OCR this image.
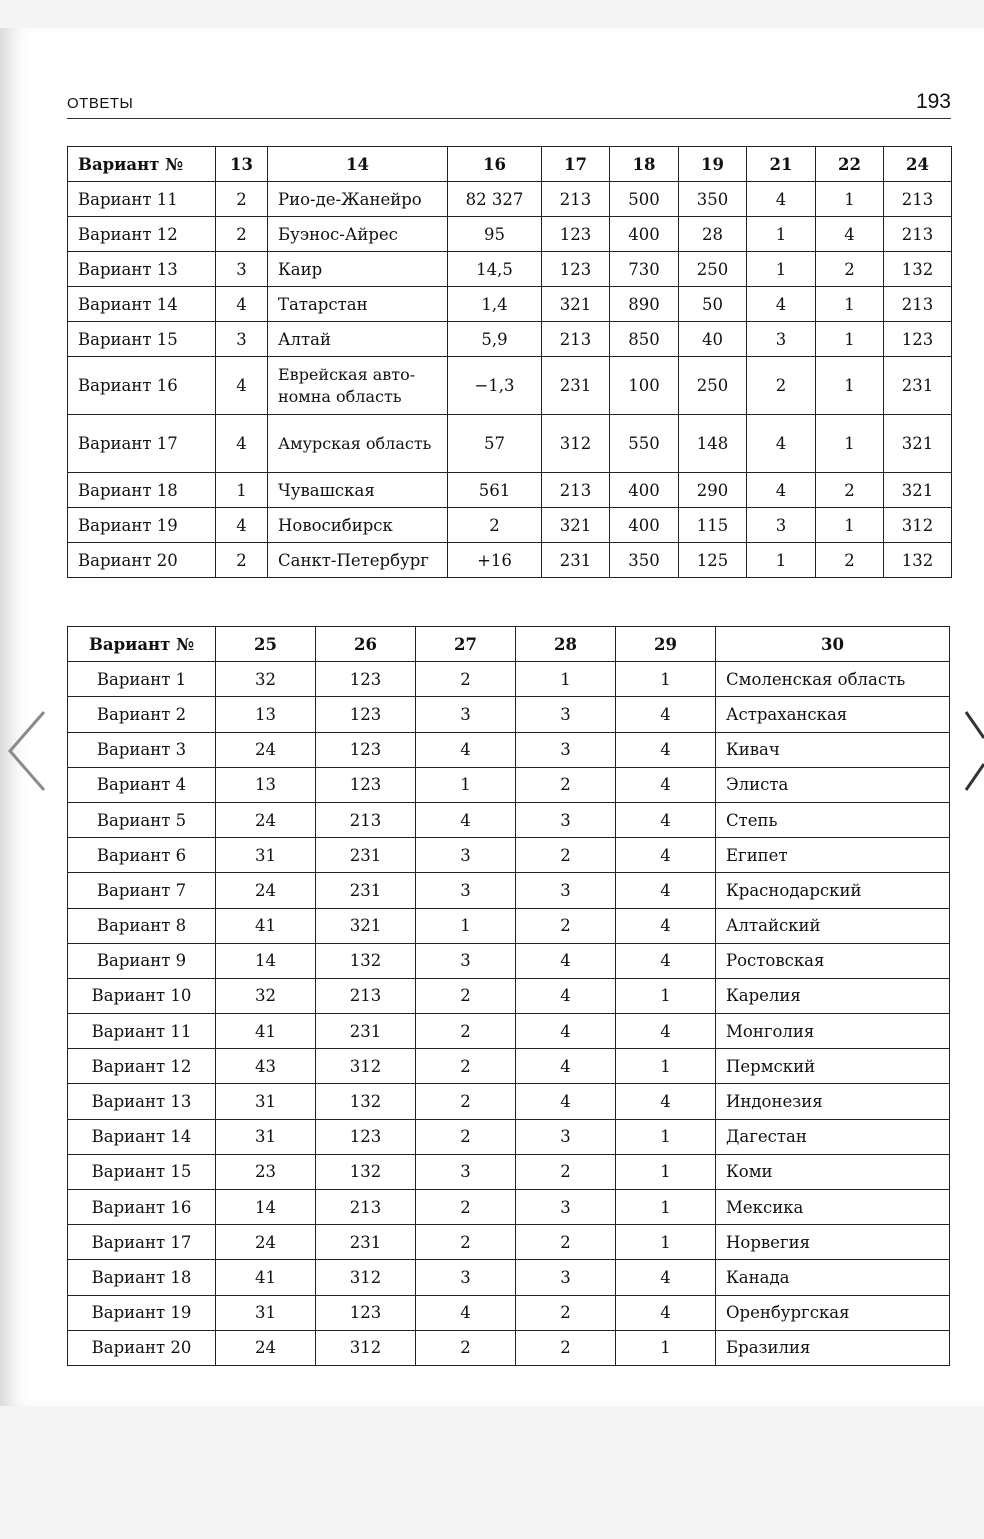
ОТВЕТЫ	193
Вариант №	13	14	16	17	18	19	21	22	24
Вариант 11	2	Рио-де-Жанейро	82 327	213	500	350	4	1	213
Вариант 12	2	Буэнос-Айрес	95	123	400	28	1	4	213
Вариант 13	3	Каир	14,5	123	730	250	1	2	132
Вариант 14	4	Татарстан	1,4	321	890	50	4	1	213
Вариант 15	3	Алтай	5,9	213	850	40	3	1	123
Вариант 16	4	Еврейская авто-номна область	−1,3	231	100	250	2	1	231
Вариант 17	4	Амурская область	57	312	550	148	4	1	321
Вариант 18	1	Чувашская	561	213	400	290	4	2	321
Вариант 19	4	Новосибирск	2	321	400	115	3	1	312
Вариант 20	2	Санкт-Петербург	+16	231	350	125	1	2	132
Вариант №	25	26	27	28	29	30
Вариант 1	32	123	2	1	1	Смоленская область
Вариант 2	13	123	3	3	4	Астраханская
Вариант 3	24	123	4	3	4	Кивач
Вариант 4	13	123	1	2	4	Элиста
Вариант 5	24	213	4	3	4	Степь
Вариант 6	31	231	3	2	4	Египет
Вариант 7	24	231	3	3	4	Краснодарский
Вариант 8	41	321	1	2	4	Алтайский
Вариант 9	14	132	3	4	4	Ростовская
Вариант 10	32	213	2	4	1	Карелия
Вариант 11	41	231	2	4	4	Монголия
Вариант 12	43	312	2	4	1	Пермский
Вариант 13	31	132	2	4	4	Индонезия
Вариант 14	31	123	2	3	1	Дагестан
Вариант 15	23	132	3	2	1	Коми
Вариант 16	14	213	2	3	1	Мексика
Вариант 17	24	231	2	2	1	Норвегия
Вариант 18	41	312	3	3	4	Канада
Вариант 19	31	123	4	2	4	Оренбургская
Вариант 20	24	312	2	2	1	Бразилия
